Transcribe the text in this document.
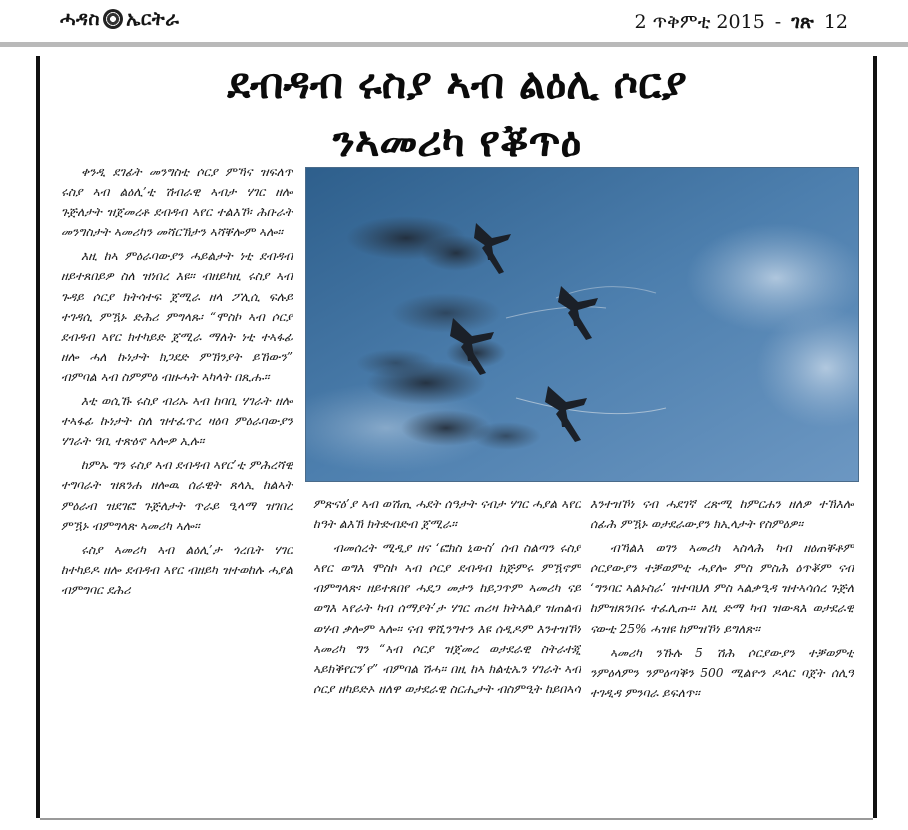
ሓዳስ ኤርትራ	2 ጥቅምቲ 2015 - ገጽ 12
ደብዳብ ሩስያ ኣብ ልዕሊ ሶርያ
ንኣመሪካ የቖጥዕ

ቀንዲ ደገፊት መንግስቲ ሶርያ ምኻና ዝፍለጥ ሩስያ ኣብ ልዕሊ’ቲ ሽብራዊ ኣብታ ሃገር ዘሎ ጉጅለታት ዝጀመረቶ ደብዳብ ኣየር ተልእኾ፡ ሕቡራት መንግስታት ኣመሪካን መሻርኽታን ኣሻቐሎም ኣሎ።

እዚ ከኣ ምዕራባውያን ሓይልታት ነቲ ደብዳብ ዘይተጸበይዎ ስለ ዝነበረ እዩ። ብዘይካዚ ሩስያ ኣብ ጉዳይ ሶርያ ክትሳተፍ ጀሚራ ዘላ ፖሊሲ ፍሉይ ተገዳሲ ምዃኑ ድሕሪ ምግላጹ፡ “ሞስኮ ኣብ ሶርያ ደብዳብ ኣየር ክተካይድ ጀሚራ ማለት ነቲ ተኣፋፊ ዘሎ ሓለ ኩነታት ክጋደድ ምኽንያት ይኸውን” ብምባል ኣብ ስምምዕ ብዙሓት ኣካላት በጺሑ።

እቲ ወሲኹ ሩስያ ብሪኡ ኣብ ከባቢ ሃገራት ዘሎ ተኣፋፊ ኩነታት ስለ ዝተፈጥረ ዛዕባ ምዕራባውያን ሃገራት ዓቢ ተጽዕኖ ኣሎዎ ኢሉ።

ከምኡ ግን ሩስያ ኣብ ደብዳብ ኣየር’ቲ ምሕረሻዊ ተግባራት ዝጸንሐ ዘሎዉ ሰራዊት ጸላኢ ከልኣት ምዕራብ ዝደገፎ ጉጅለታት ጥራይ ዒላማ ዝገበረ ምዃኑ ብምግላጽ ኣመሪካ ኣሎ።

ሩስያ ኣመሪካ ኣብ ልዕሊ’ታ ጎረቤት ሃገር ከተካይዶ ዘሎ ደብዳብ ኣየር ብዘይካ ዝተወከሉ ሓያል ብምግባር ደሕሪ

ምጽናዕ’ያ ኣብ ወሽጢ ሓደት ሰዓታት ናብታ ሃገር ሓያል ኣየር ከዓት ልእኽ ክትድብድብ ጀሚራ።

ብመሰረት ሚዲያ ዘና ‘ፎክስ ኒውስ’ ሰብ ስልጣን ሩስያ ኣየር ወግእ ሞስኮ ኣብ ሶርያ ደብዳብ ክጅምሩ ምዃኖም ብምግላጽ፡ ዘይተጸበየ ሓደጋ መታን ከይጋጥም ኣመሪካ ናይ ወግእ ኣየራት ካብ ሰማያት’ታ ሃገር ጠሪዛ ክትኣልያ ዝጠልብ ወሃብ ቃሎም ኣሎ። ናብ ዋሺንግተን እዩ ሰዲዶም እንተዝኾነ ኣመሪካ ግን “ኣብ ሶርያ ዝጀመረ ወታደራዊ ስትራተጂ ኣይክቕየርን’የ” ብምባል ሽሓ። በዚ ከኣ ክልቲኤን ሃገራት ኣብ ሶርያ ዘካይድኦ ዘለዋ ወታደራዊ ስርሒታት ብስምዒት ከይበኣሳ

እንተዝኾነ ናብ ሓደገኛ ረጽሚ ከምርሐን ዘለዎ ተኽእሎ ሰፊሕ ምዃኑ ወታደራውያን ክኢላታት የስምዕዎ።

ብኻልእ ወገን ኣመሪካ ኣስላሕ ካብ ዘዕጠቐቶም ሶርያውያን ተቓወምቲ ሓያሎ ምስ ምስሕ ዕጥቖም ናብ ‘ግንባር ኣልኑስራ’ ዝተባህለ ምስ ኣልቃዒዳ ዝተኣሳሰረ ጉጅለ ከምዝጸንበሩ ተፈሊጡ። እዚ ድማ ካብ ዝውጻእ ወታደራዊ ናውቲ 25% ሓዝዩ ከምዝኾነ ይግለጽ።

ኣመሪካ ንኹሉ 5 ሽሕ ሶርያውያን ተቓወምቲ ንምዕላምን ንምዕጣቕን 500 ሚልዮን ዶላር ባጀት ሰሊዓ ተገዲዳ ምንባራ ይፍለጥ።
